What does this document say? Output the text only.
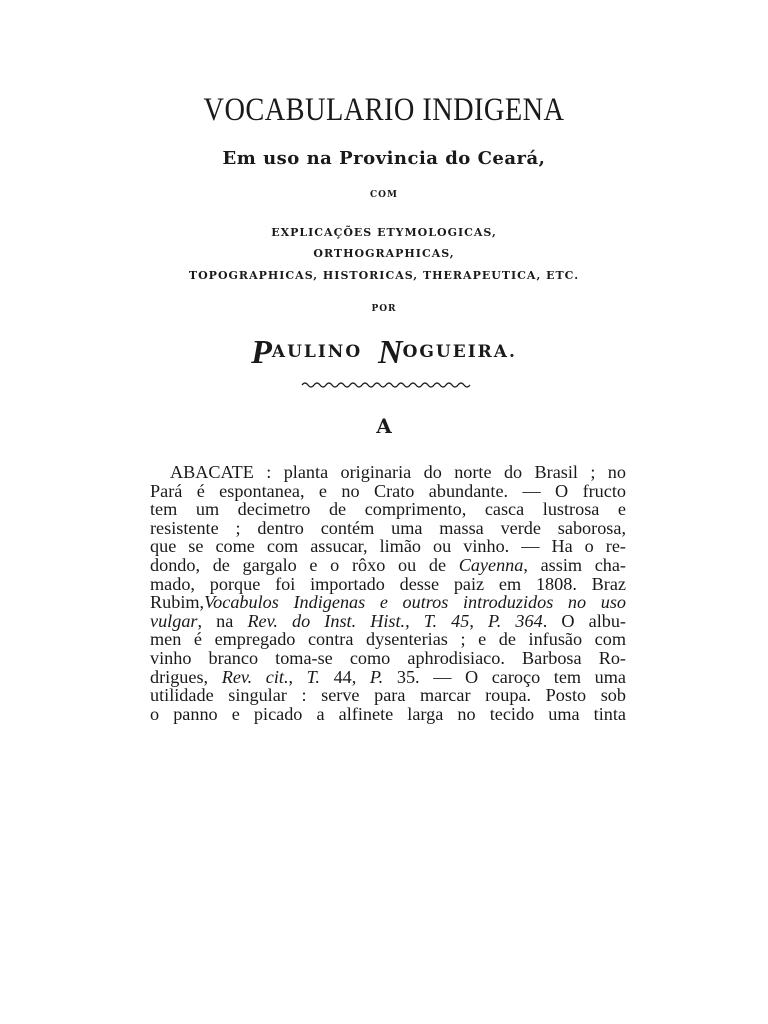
VOCABULARIO INDIGENA
Em uso na Provincia do Ceará,
COM
EXPLICAÇÕES ETYMOLOGICAS,
ORTHOGRAPHICAS,
TOPOGRAPHICAS, HISTORICAS, THERAPEUTICA, ETC.
POR
PAULINO NOGUEIRA.
A
ABACATE : planta originaria do norte do Brasil ; no
Pará é espontanea, e no Crato abundante. — O fructo
tem um decimetro de comprimento, casca lustrosa e
resistente ; dentro contém uma massa verde saborosa,
que se come com assucar, limão ou vinho. — Ha o re-
dondo, de gargalo e o rôxo ou de Cayenna, assim cha-
mado, porque foi importado desse paiz em 1808. Braz
Rubim,Vocabulos Indigenas e outros introduzidos no uso
vulgar, na Rev. do Inst. Hist., T. 45, P. 364. O albu-
men é empregado contra dysenterias ; e de infusão com
vinho branco toma-se como aphrodisiaco. Barbosa Ro-
drigues, Rev. cit., T. 44, P. 35. — O caroço tem uma
utilidade singular : serve para marcar roupa. Posto sob
o panno e picado a alfinete larga no tecido uma tinta
